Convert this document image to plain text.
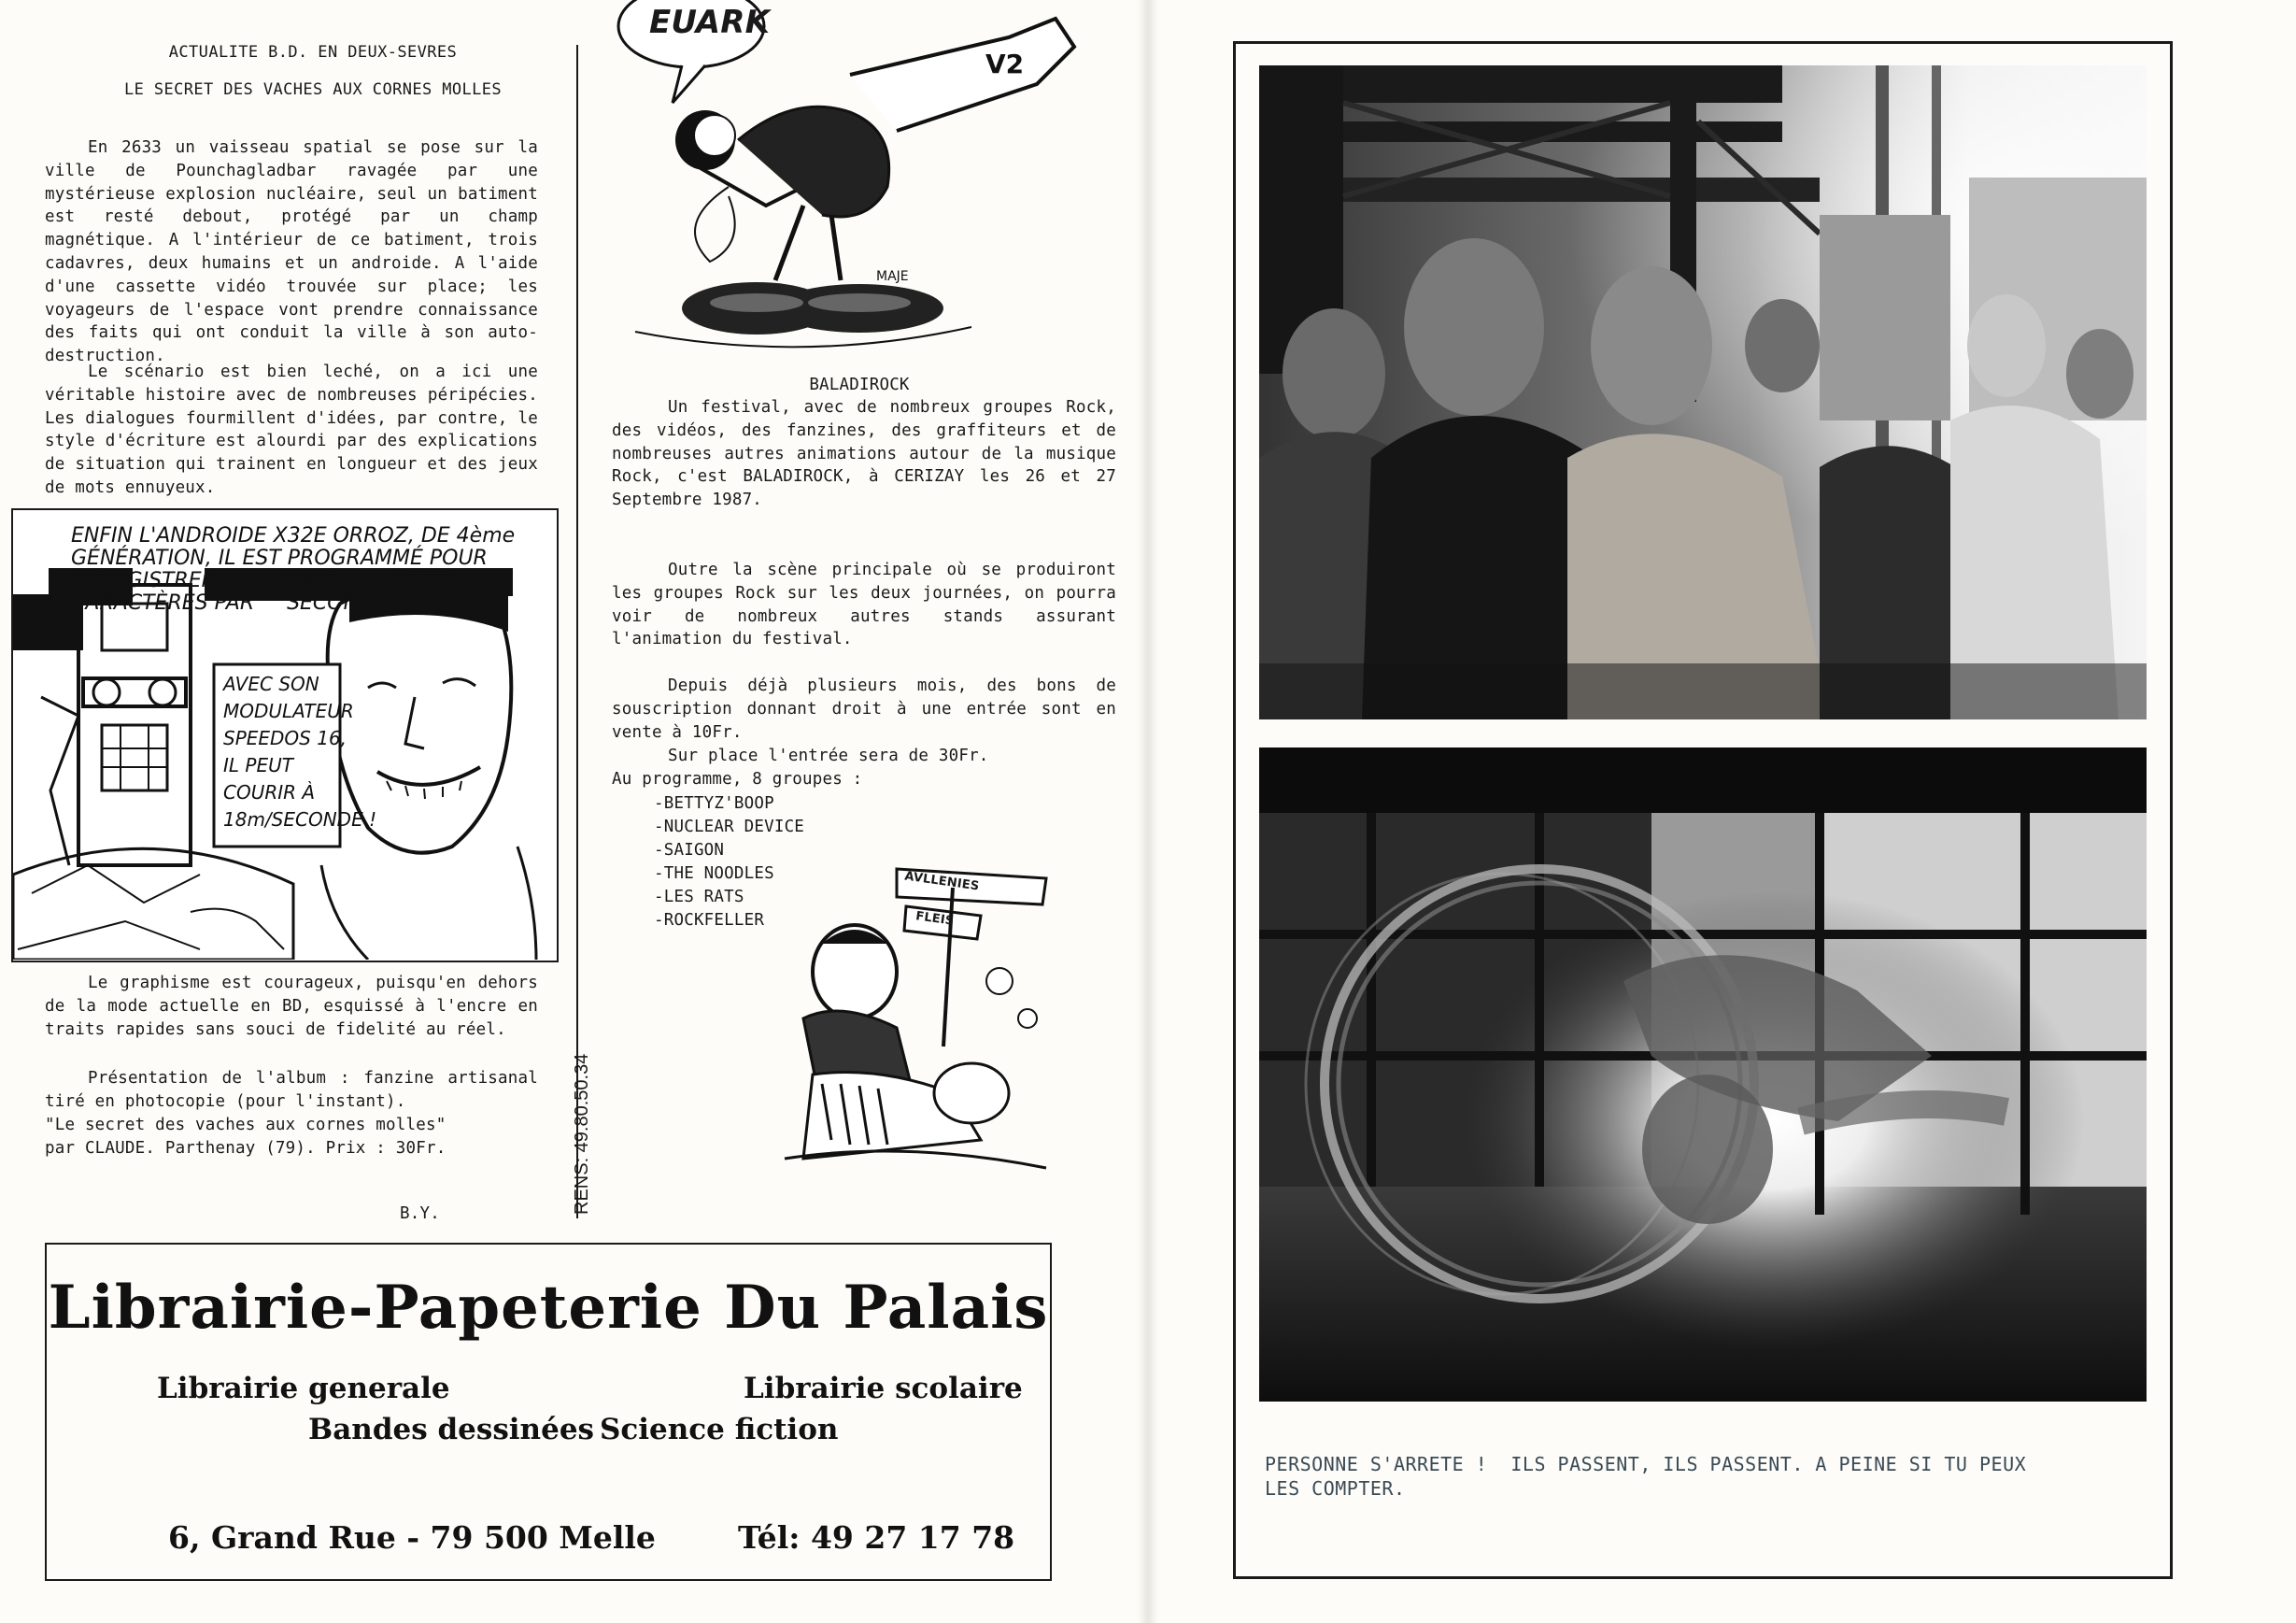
ACTUALITE B.D. EN DEUX-SEVRES
LE SECRET DES VACHES AUX CORNES MOLLES
En 2633 un vaisseau spatial se pose sur la ville de Pounchagladbar ravagée par une mystérieuse explosion nucléaire, seul un batiment est resté debout, protégé par un champ magnétique. A l'intérieur de ce batiment, trois cadavres, deux humains et un androide. A l'aide d'une cassette vidéo trouvée sur place; les voyageurs de l'espace vont prendre connaissance des faits qui ont conduit la ville à son auto-destruction.
Le scénario est bien leché, on a ici une véritable histoire avec de nombreuses péripécies. Les dialogues fourmillent d'idées, par contre, le style d'écriture est alourdi par des explications de situation qui trainent en longueur et des jeux de mots ennuyeux.
ENFIN L'ANDROIDE X32E ORROZ, DE 4ème
GÉNÉRATION, IL EST PROGRAMMÉ POUR
ENREGISTRER          2000
CARACTÈRES PAR     SECONDE !
AVEC SON
MODULATEUR
SPEEDOS 16,
IL PEUT
COURIR À
18m/SECONDE !
Le graphisme est courageux, puisqu'en dehors de la mode actuelle en BD, esquissé à l'encre en traits rapides sans souci de fidelité au réel.
Présentation de l'album : fanzine artisanal tiré en photocopie (pour l'instant).
"Le secret des vaches aux cornes molles"
par CLAUDE. Parthenay (79). Prix : 30Fr.
B.Y.	RENS: 49.80.50.34
V2
MAJE
EUARK
BALADIROCK
Un festival, avec de nombreux groupes Rock, des vidéos, des fanzines, des graffiteurs et de nombreuses autres animations autour de la musique Rock, c'est BALADIROCK, à CERIZAY les 26 et 27 Septembre 1987.
Outre la scène principale où se produiront les groupes Rock sur les deux journées, on pourra voir de nombreux autres stands assurant l'animation du festival.
Depuis déjà plusieurs mois, des bons de souscription donnant droit à une entrée sont en vente à 10Fr.
Sur place l'entrée sera de 30Fr.
Au programme, 8 groupes :
-BETTYZ'BOOP
-NUCLEAR DEVICE
-SAIGON
-THE NOODLES
-LES RATS
-ROCKFELLER
AVLLENIES
FLEIS
Librairie-Papeterie Du Palais
Librairie generale	Librairie scolaire
Bandes dessinées Science fiction
6, Grand Rue - 79 500 Melle	Tél: 49 27 17 78
PERSONNE S'ARRETE !  ILS PASSENT, ILS PASSENT. A PEINE SI TU PEUX
LES COMPTER.
